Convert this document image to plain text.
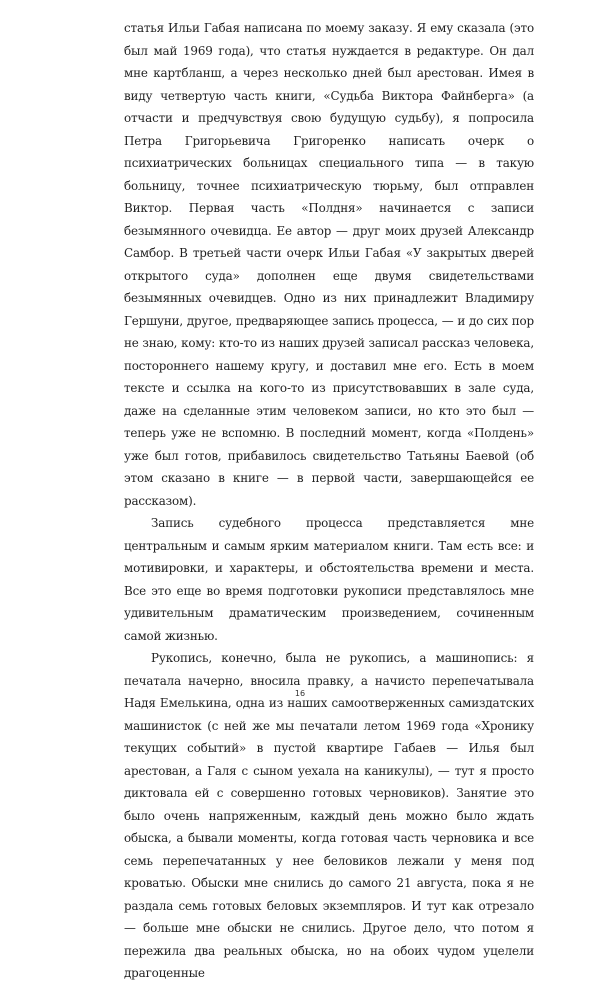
статья Ильи Габая написана по моему заказу. Я ему сказала (это был май 1969 года), что статья нуждается в редактуре. Он дал мне картбланш, а через несколько дней был арестован. Имея в виду четвертую часть книги, «Судьба Виктора Файнберга» (а отчасти и предчувствуя свою будущую судьбу), я попросила Петра Григорьевича Григоренко написать очерк о психиатрических больницах специального типа — в такую больницу, точнее психиатрическую тюрьму, был отправлен Виктор. Первая часть «Полдня» начинается с записи безымянного очевидца. Ее автор — друг моих друзей Александр Самбор. В третьей части очерк Ильи Габая «У закрытых дверей открытого суда» дополнен еще двумя свидетельствами безымянных очевидцев. Одно из них принадлежит Владимиру Гершуни, другое, предваряющее запись процесса, — и до сих пор не знаю, кому: кто-то из наших друзей записал рассказ человека, постороннего нашему кругу, и доставил мне его. Есть в моем тексте и ссылка на кого-то из присутствовавших в зале суда, даже на сделанные этим человеком записи, но кто это был — теперь уже не вспомню. В последний момент, когда «Полдень» уже был готов, прибавилось свидетельство Татьяны Баевой (об этом сказано в книге — в первой части, завершающейся ее рассказом).

Запись судебного процесса представляется мне центральным и самым ярким материалом книги. Там есть все: и мотивировки, и характеры, и обстоятельства времени и места. Все это еще во время подготовки рукописи представлялось мне удивительным драматическим произведением, сочиненным самой жизнью.

Рукопись, конечно, была не рукопись, а машинопись: я печатала начерно, вносила правку, а начисто перепечатывала Надя Емелькина, одна из наших самоотверженных самиздатских машинисток (с ней же мы печатали летом 1969 года «Хронику текущих событий» в пустой квартире Габаев — Илья был арестован, а Галя с сыном уехала на каникулы), — тут я просто диктовала ей с совершенно готовых черновиков). Занятие это было очень напряженным, каждый день можно было ждать обыска, а бывали моменты, когда готовая часть черновика и все семь перепечатанных у нее беловиков лежали у меня под кроватью. Обыски мне снились до самого 21 августа, пока я не раздала семь готовых беловых экземпляров. И тут как отрезало — больше мне обыски не снились. Другое дело, что потом я пережила два реальных обыска, но на обоих чудом уцелели драгоценные

16
